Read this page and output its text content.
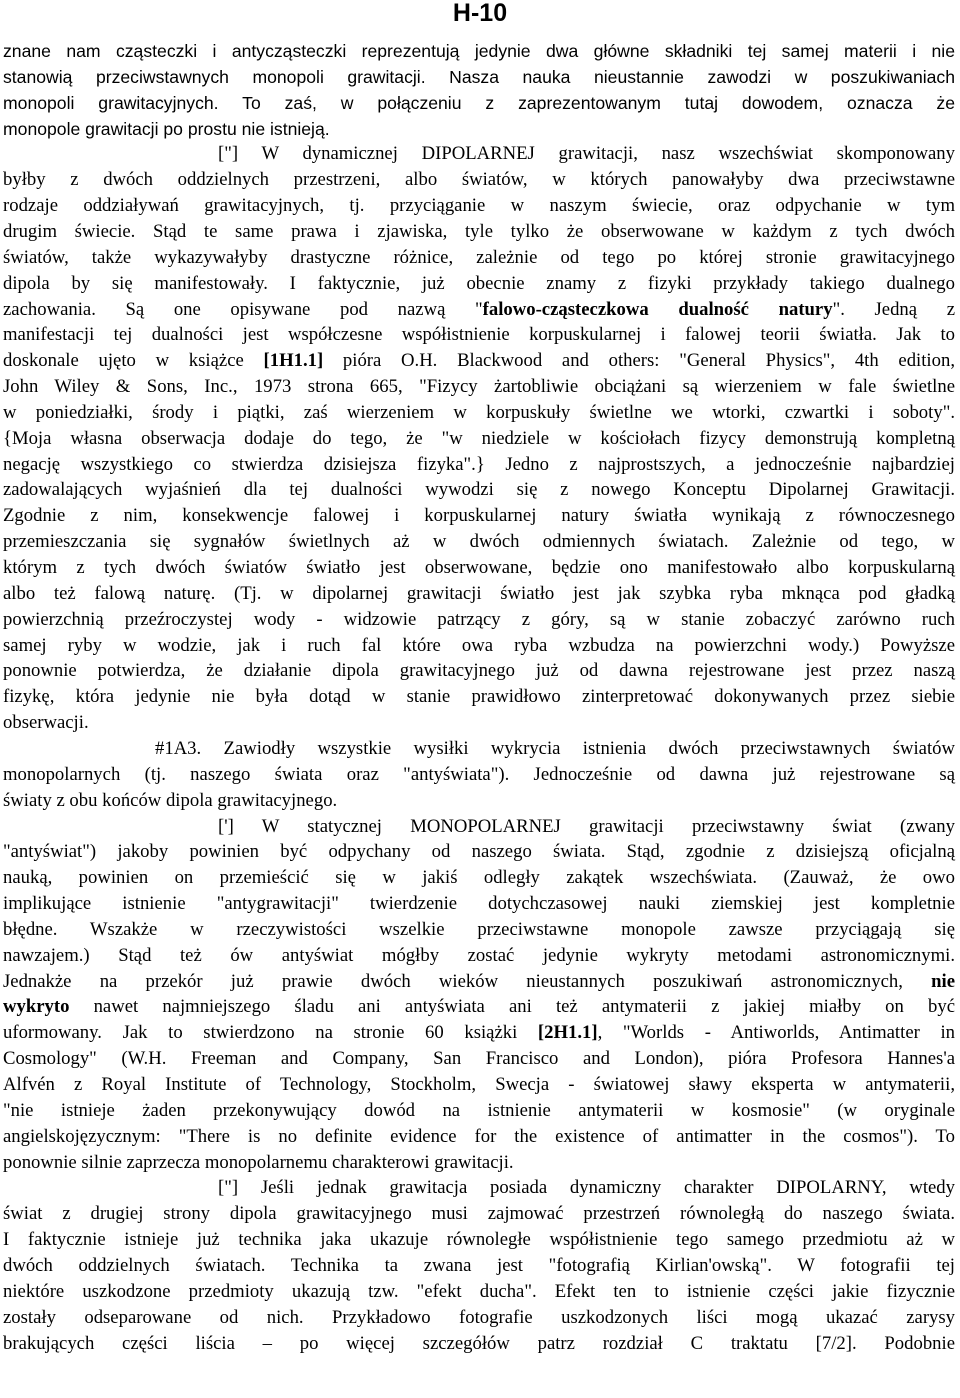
H-10

znane nam cząsteczki i antycząsteczki reprezentują jedynie dwa główne składniki tej samej materii i nie

stanowią przeciwstawnych monopoli grawitacji. Nasza nauka nieustannie zawodzi w poszukiwaniach

monopoli grawitacyjnych. To zaś, w połączeniu z zaprezentowanym tutaj dowodem, oznacza że

monopole grawitacji po prostu nie istnieją.

["] W dynamicznej DIPOLARNEJ grawitacji, nasz wszechświat skomponowany

byłby z dwóch oddzielnych przestrzeni, albo światów, w których panowałyby dwa przeciwstawne

rodzaje oddziaływań grawitacyjnych, tj. przyciąganie w naszym świecie, oraz odpychanie w tym

drugim świecie. Stąd te same prawa i zjawiska, tyle tylko że obserwowane w każdym z tych dwóch

światów, także wykazywałyby drastyczne różnice, zależnie od tego po której stronie grawitacyjnego

dipola by się manifestowały. I faktycznie, już obecnie znamy z fizyki przykłady takiego dualnego

zachowania. Są one opisywane pod nazwą "falowo-cząsteczkowa dualność natury". Jedną z

manifestacji tej dualności jest współczesne współistnienie korpuskularnej i falowej teorii światła. Jak to

doskonale ujęto w książce [1H1.1] pióra O.H. Blackwood and others: "General Physics", 4th edition,

John Wiley & Sons, Inc., 1973 strona 665, "Fizycy żartobliwie obciążani są wierzeniem w fale świetlne

w poniedziałki, środy i piątki, zaś wierzeniem w korpuskuły świetlne we wtorki, czwartki i soboty".

{Moja własna obserwacja dodaje do tego, że "w niedziele w kościołach fizycy demonstrują kompletną

negację wszystkiego co stwierdza dzisiejsza fizyka".} Jedno z najprostszych, a jednocześnie najbardziej

zadowalających wyjaśnień dla tej dualności wywodzi się z nowego Konceptu Dipolarnej Grawitacji.

Zgodnie z nim, konsekwencje falowej i korpuskularnej natury światła wynikają z równoczesnego

przemieszczania się sygnałów świetlnych aż w dwóch odmiennych światach. Zależnie od tego, w

którym z tych dwóch światów światło jest obserwowane, będzie ono manifestowało albo korpuskularną

albo też falową naturę. (Tj. w dipolarnej grawitacji światło jest jak szybka ryba mknąca pod gładką

powierzchnią przeźroczystej wody - widzowie patrzący z góry, są w stanie zobaczyć zarówno ruch

samej ryby w wodzie, jak i ruch fal które owa ryba wzbudza na powierzchni wody.) Powyższe

ponownie potwierdza, że działanie dipola grawitacyjnego już od dawna rejestrowane jest przez naszą

fizykę, która jedynie nie była dotąd w stanie prawidłowo zinterpretować dokonywanych przez siebie

obserwacji.

#1A3. Zawiodły wszystkie wysiłki wykrycia istnienia dwóch przeciwstawnych światów

monopolarnych (tj. naszego świata oraz "antyświata"). Jednocześnie od dawna już rejestrowane są

światy z obu końców dipola grawitacyjnego.

['] W statycznej MONOPOLARNEJ grawitacji przeciwstawny świat (zwany

"antyświat") jakoby powinien być odpychany od naszego świata. Stąd, zgodnie z dzisiejszą oficjalną

nauką, powinien on przemieścić się w jakiś odległy zakątek wszechświata. (Zauważ, że owo

implikujące istnienie "antygrawitacji" twierdzenie dotychczasowej nauki ziemskiej jest kompletnie

błędne. Wszakże w rzeczywistości wszelkie przeciwstawne monopole zawsze przyciągają się

nawzajem.) Stąd też ów antyświat mógłby zostać jedynie wykryty metodami astronomicznymi.

Jednakże na przekór już prawie dwóch wieków nieustannych poszukiwań astronomicznych, nie

wykryto nawet najmniejszego śladu ani antyświata ani też antymaterii z jakiej miałby on być

uformowany. Jak to stwierdzono na stronie 60 książki [2H1.1], "Worlds - Antiworlds, Antimatter in

Cosmology" (W.H. Freeman and Company, San Francisco and London), pióra Profesora Hannes'a

Alfvén z Royal Institute of Technology, Stockholm, Swecja - światowej sławy eksperta w antymaterii,

"nie istnieje żaden przekonywujący dowód na istnienie antymaterii w kosmosie" (w oryginale

angielskojęzycznym: "There is no definite evidence for the existence of antimatter in the cosmos"). To

ponownie silnie zaprzecza monopolarnemu charakterowi grawitacji.

["] Jeśli jednak grawitacja posiada dynamiczny charakter DIPOLARNY, wtedy

świat z drugiej strony dipola grawitacyjnego musi zajmować przestrzeń równoległą do naszego świata.

I faktycznie istnieje już technika jaka ukazuje równoległe współistnienie tego samego przedmiotu aż w

dwóch oddzielnych światach. Technika ta zwana jest "fotografią Kirlian'owską". W fotografii tej

niektóre uszkodzone przedmioty ukazują tzw. "efekt ducha". Efekt ten to istnienie części jakie fizycznie

zostały odseparowane od nich. Przykładowo fotografie uszkodzonych liści mogą ukazać zarysy

brakujących części liścia – po więcej szczegółów patrz rozdział C traktatu [7/2]. Podobnie
